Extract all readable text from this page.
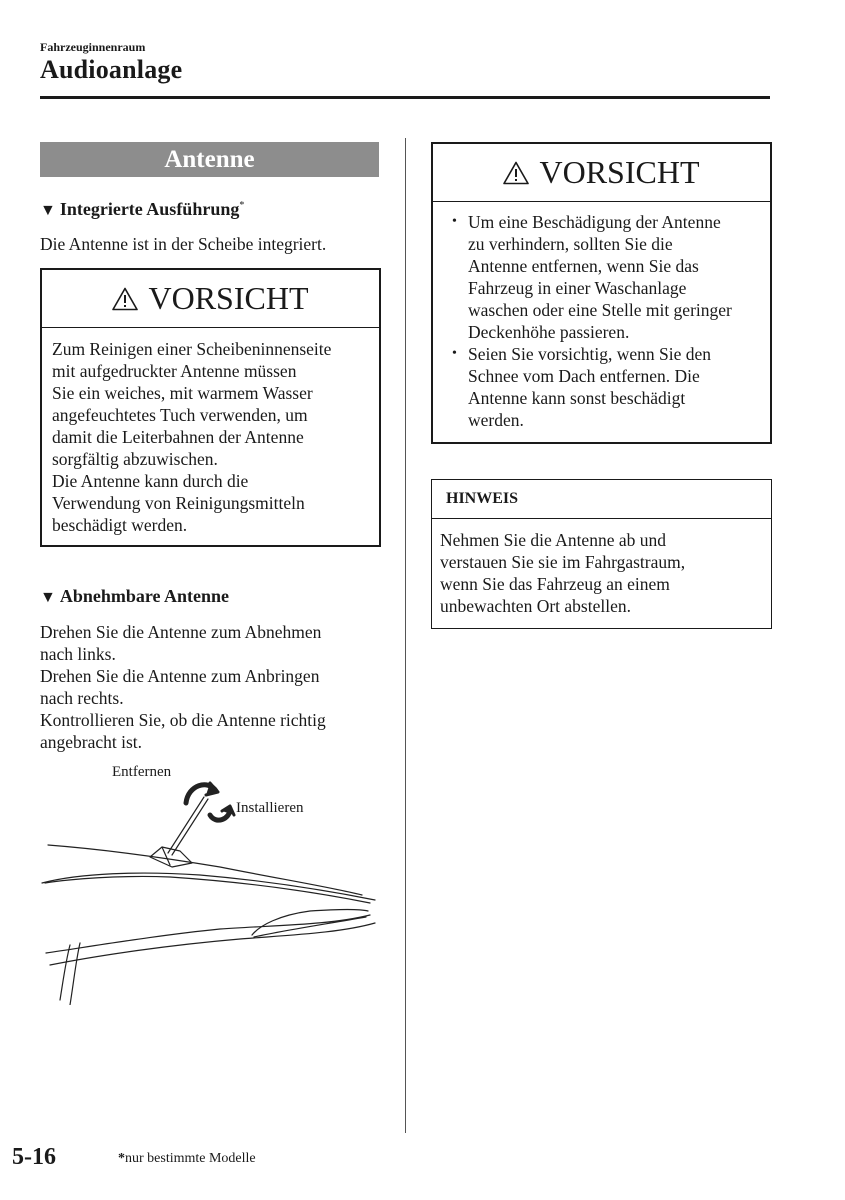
Fahrzeuginnenraum
Audioanlage
Antenne
▼ Integrierte Ausführung*
Die Antenne ist in der Scheibe integriert.
VORSICHT
Zum Reinigen einer Scheibeninnenseite
mit aufgedruckter Antenne müssen
Sie ein weiches, mit warmem Wasser
angefeuchtetes Tuch verwenden, um
damit die Leiterbahnen der Antenne
sorgfältig abzuwischen.
Die Antenne kann durch die
Verwendung von Reinigungsmitteln
beschädigt werden.
▼ Abnehmbare Antenne
Drehen Sie die Antenne zum Abnehmen
nach links.
Drehen Sie die Antenne zum Anbringen
nach rechts.
Kontrollieren Sie, ob die Antenne richtig
angebracht ist.
Entfernen
Installieren
VORSICHT
• Um eine Beschädigung der Antenne
zu verhindern, sollten Sie die
Antenne entfernen, wenn Sie das
Fahrzeug in einer Waschanlage
waschen oder eine Stelle mit geringer
Deckenhöhe passieren.
• Seien Sie vorsichtig, wenn Sie den
Schnee vom Dach entfernen. Die
Antenne kann sonst beschädigt
werden.
HINWEIS
Nehmen Sie die Antenne ab und
verstauen Sie sie im Fahrgastraum,
wenn Sie das Fahrzeug an einem
unbewachten Ort abstellen.
5-16	*nur bestimmte Modelle
